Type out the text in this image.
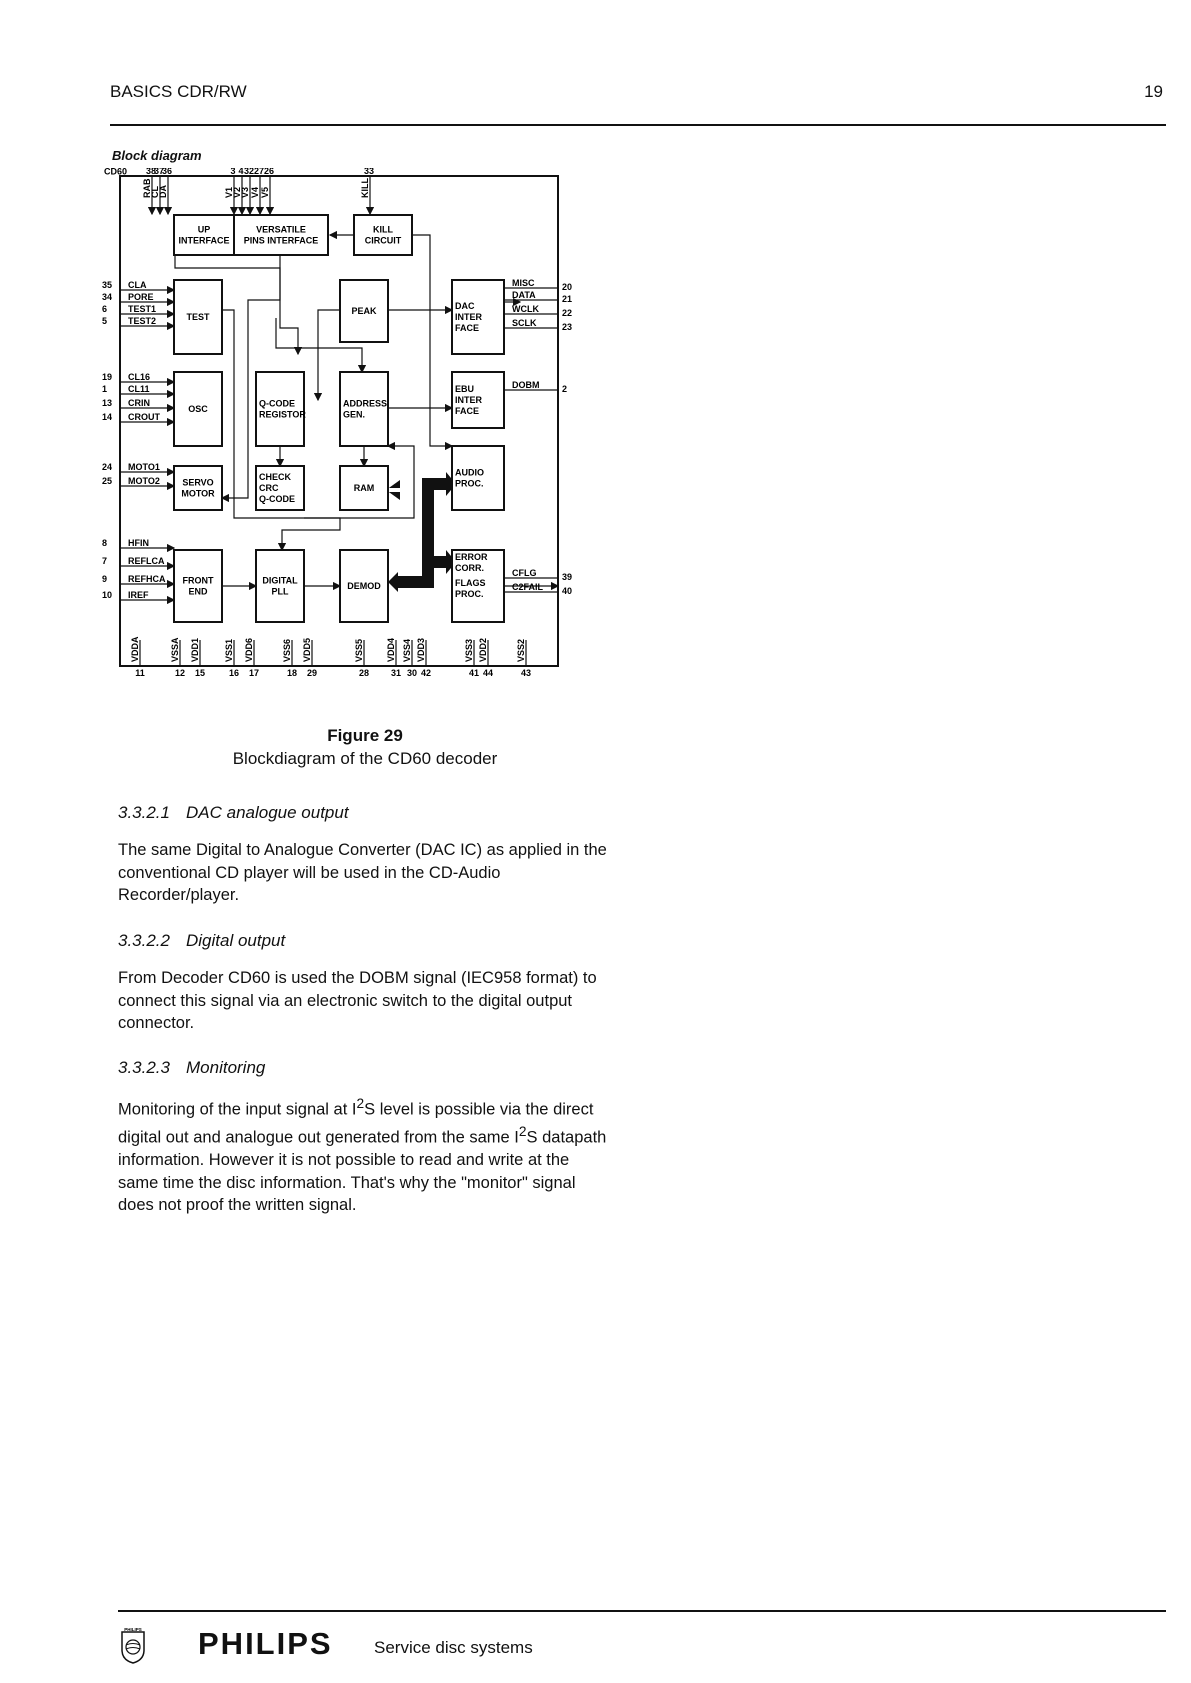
BASICS CDR/RW	19
Block diagram
CD60
UP
INTERFACE
VERSATILE
PINS INTERFACE
KILL
CIRCUIT
TEST
PEAK	DAC
INTER
FACE
OSC
Q-CODE
REGISTOR
ADDRESS
GEN.
EBU
INTER
FACE
SERVO
MOTOR
CHECK
CRC
Q-CODE
RAM
AUDIO
PROC.
FRONT
END
DIGITAL
PLL
DEMOD
ERROR
CORR.
FLAGS
PROC.
38
RAB
37
CL
36
DA
3
V1
4
V2
32
V3
27
V4
26
V5
33
KILL
35 CLA
34 PORE
6 TEST1
5 TEST2
19 CL16
1 CL11
13 CRIN
14 CROUT
24 MOTO1
25 MOTO2
8 HFIN
7 REFLCA
9 REFHCA
10 IREF
MISC	20
DATA	21
WCLK	22
SCLK	23
DOBM	2
CFLG	39
C2FAIL 40
VDDA
11
VSSA
12
VDD1
15
VSS1
16
VDD6
17
VSS6
18
VDD5
29
VSS5
28
VDD4
31
VSS4
30
VDD3
42
VSS3
41
VDD2
44
VSS2
43
Figure 29
Blockdiagram of the CD60 decoder
3.3.2.1 DAC analogue output
The same Digital to Analogue Converter (DAC IC) as applied in the conventional CD player will be used in the CD-Audio Recorder/player.
3.3.2.2 Digital output
From Decoder CD60 is used the DOBM signal (IEC958 format) to connect this signal via an electronic switch to the digital output connector.
3.3.2.3 Monitoring
Monitoring of the input signal at $I^2S$ level is possible via the direct digital out and analogue out generated from the same $I^2S$ datapath information. However it is not possible to read and write at the same time the disc information. That's why the "monitor" signal does not proof the written signal.
PHILIPS PHILIPS Service disc systems
